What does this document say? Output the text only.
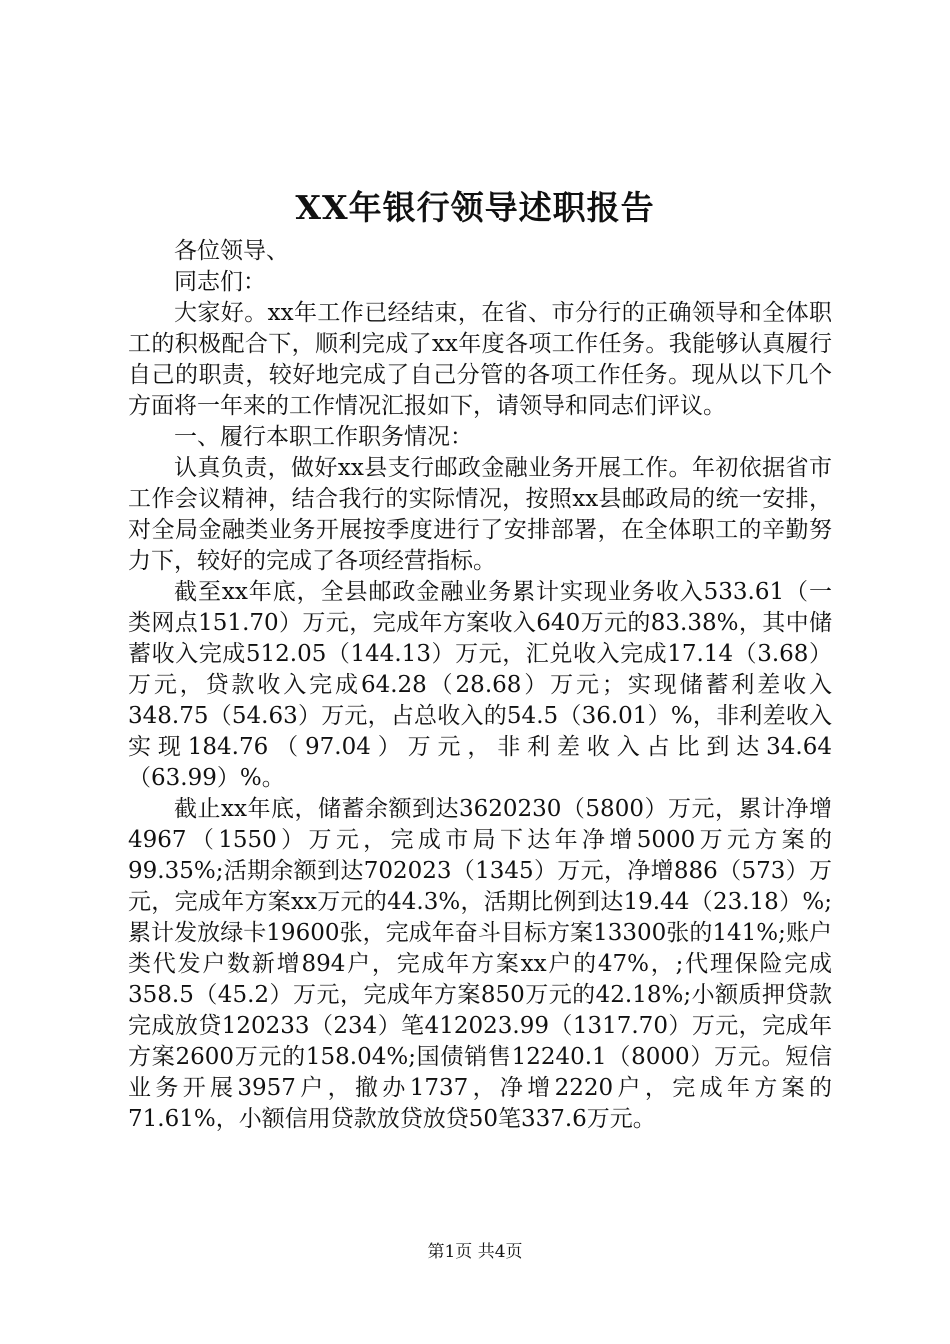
XX年银行领导述职报告

各位领导、

同志们：

大家好。xx年工作已经结束，在省、市分行的正确领导和全体职工的积极配合下，顺利完成了xx年度各项工作任务。我能够认真履行自己的职责，较好地完成了自己分管的各项工作任务。现从以下几个方面将一年来的工作情况汇报如下，请领导和同志们评议。

一、履行本职工作职务情况：

认真负责，做好xx县支行邮政金融业务开展工作。年初依据省市工作会议精神，结合我行的实际情况，按照xx县邮政局的统一安排，对全局金融类业务开展按季度进行了安排部署，在全体职工的辛勤努力下，较好的完成了各项经营指标。

截至xx年底，全县邮政金融业务累计实现业务收入533.61（一类网点151.70）万元，完成年方案收入640万元的83.38%，其中储蓄收入完成512.05（144.13）万元，汇兑收入完成17.14（3.68）万元，贷款收入完成64.28（28.68）万元；实现储蓄利差收入348.75（54.63）万元，占总收入的54.5（36.01）%，非利差收入实现184.76（97.04）万元，非利差收入占比到达34.64（63.99）%。

截止xx年底，储蓄余额到达3620230（5800）万元，累计净增4967（1550）万元，完成市局下达年净增5000万元方案的99.35%;活期余额到达702023（1345）万元，净增886（573）万元，完成年方案xx万元的44.3%，活期比例到达19.44（23.18）%;累计发放绿卡19600张，完成年奋斗目标方案13300张的141%;账户类代发户数新增894户，完成年方案xx户的47%，;代理保险完成358.5（45.2）万元，完成年方案850万元的42.18%;小额质押贷款完成放贷120233（234）笔412023.99（1317.70）万元，完成年方案2600万元的158.04%;国债销售12240.1（8000）万元。短信业务开展3957户，撤办1737，净增2220户，完成年方案的71.61%，小额信用贷款放贷放贷50笔337.6万元。

第1页 共4页
